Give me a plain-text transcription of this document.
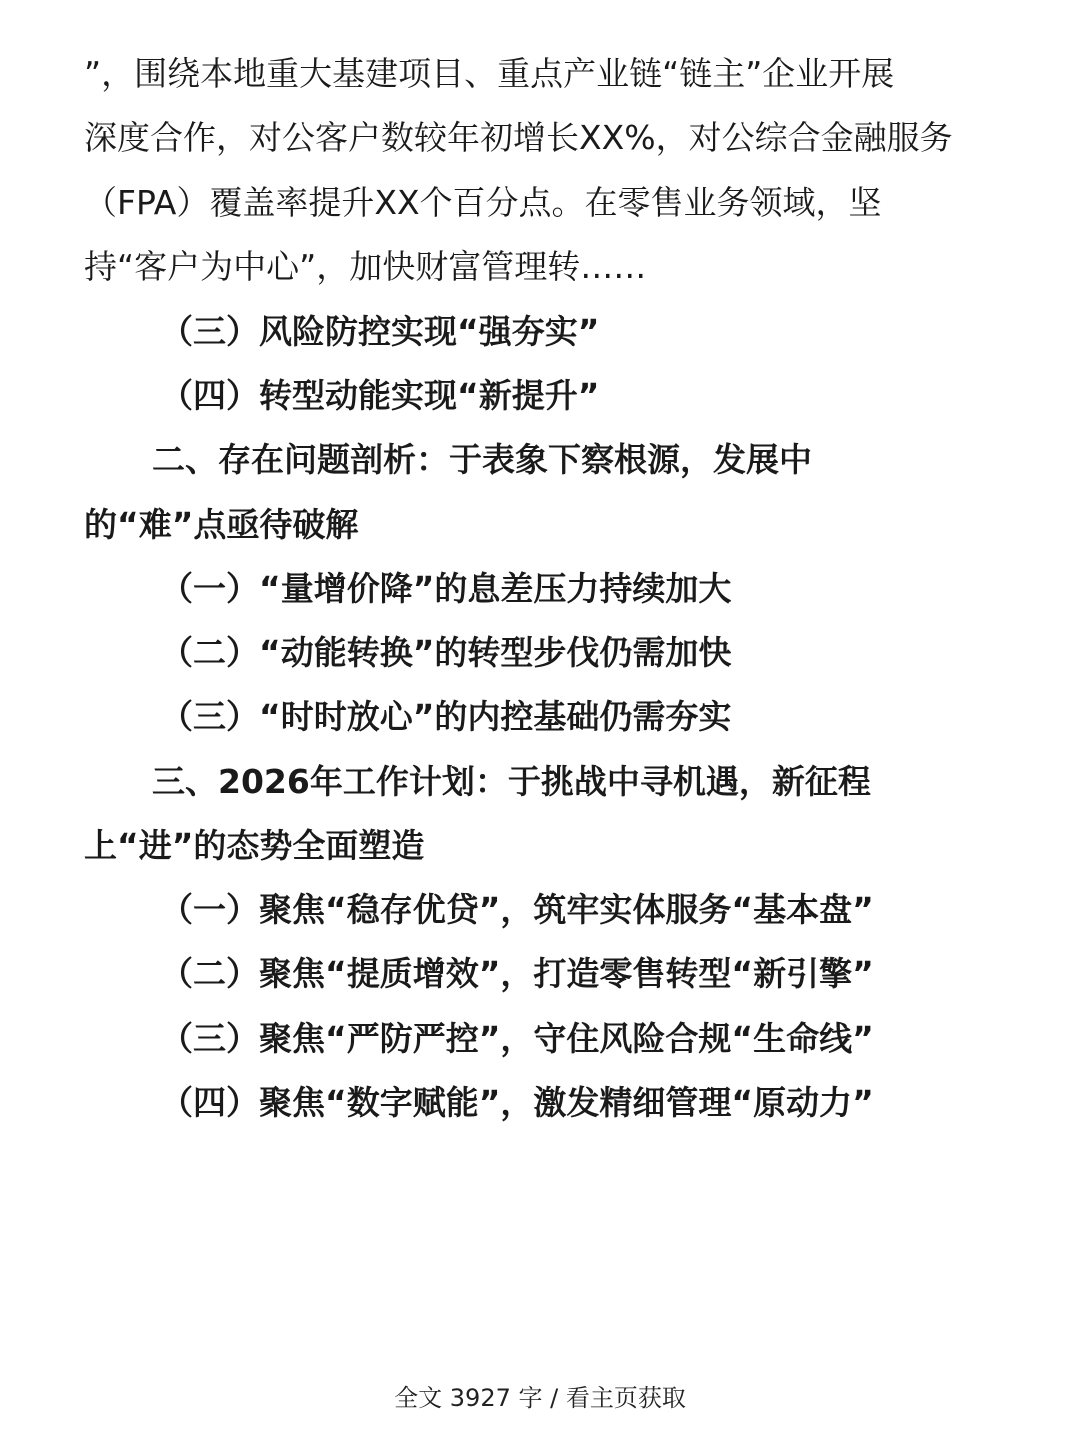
”，围绕本地重大基建项目、重点产业链“链主”企业开展

深度合作，对公客户数较年初增长XX%，对公综合金融服务

（FPA）覆盖率提升XX个百分点。在零售业务领域，坚

持“客户为中心”，加快财富管理转……

（三）风险防控实现“强夯实”

（四）转型动能实现“新提升”

二、存在问题剖析：于表象下察根源，发展中

的“难”点亟待破解

（一）“量增价降”的息差压力持续加大

（二）“动能转换”的转型步伐仍需加快

（三）“时时放心”的内控基础仍需夯实

三、2026年工作计划：于挑战中寻机遇，新征程

上“进”的态势全面塑造

（一）聚焦“稳存优贷”，筑牢实体服务“基本盘”

（二）聚焦“提质增效”，打造零售转型“新引擎”

（三）聚焦“严防严控”，守住风险合规“生命线”

（四）聚焦“数字赋能”，激发精细管理“原动力”

全文 3927 字 / 看主页获取
